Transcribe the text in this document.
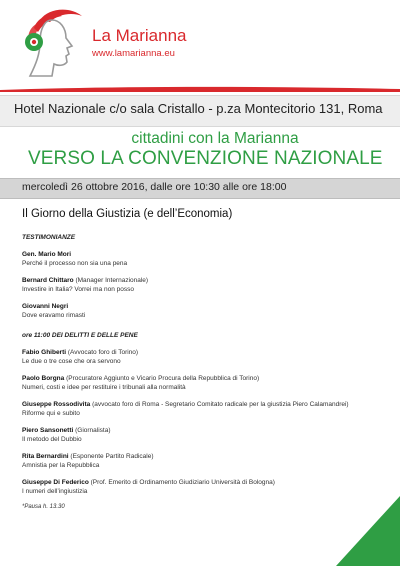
La Marianna
www.lamarianna.eu
Hotel Nazionale c/o sala Cristallo - p.za Montecitorio 131, Roma
cittadini con la Marianna
VERSO LA CONVENZIONE NAZIONALE
mercoledì 26 ottobre 2016, dalle ore 10:30 alle ore 18:00
Il Giorno della Giustizia (e dell’Economia)
TESTIMONIANZE
Gen. Mario Mori
Perché il processo non sia una pena
Bernard Chittaro (Manager Internazionale)
Investire in Italia? Vorrei ma non posso
Giovanni Negri
Dove eravamo rimasti
ore 11:00 DEI DELITTI E DELLE PENE
Fabio Ghiberti (Avvocato foro di Torino)
Le due o tre cose che ora servono
Paolo Borgna (Procuratore Aggiunto e Vicario Procura della Repubblica di Torino)
Numeri, costi e idee per restituire i tribunali alla normalità
Giuseppe Rossodivita (avvocato foro di Roma - Segretario Comitato radicale per la giustizia Piero Calamandrei)
Riforme qui e subito
Piero Sansonetti (Giornalista)
Il metodo del Dubbio
Rita Bernardini (Esponente Partito Radicale)
Amnistia per la Repubblica
Giuseppe Di Federico (Prof. Emerito di Ordinamento Giudiziario Università di Bologna)
I numeri dell’ingiustizia
*Pausa h. 13.30
